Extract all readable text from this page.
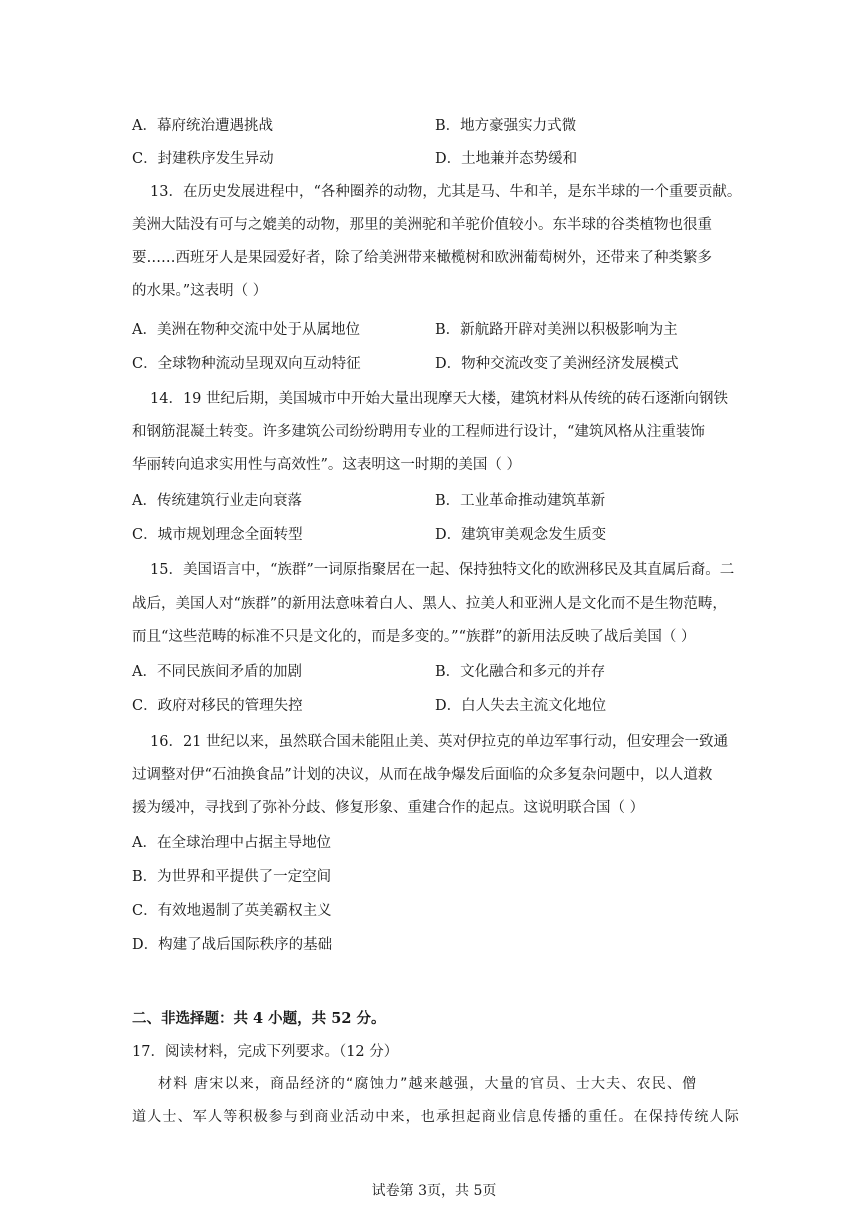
A．幕府统治遭遇挑战	B．地方豪强实力式微
C．封建秩序发生异动	D．土地兼并态势缓和
13．在历史发展进程中，“各种圈养的动物，尤其是马、牛和羊，是东半球的一个重要贡献。
美洲大陆没有可与之媲美的动物，那里的美洲驼和羊驼价值较小。东半球的谷类植物也很重
要……西班牙人是果园爱好者，除了给美洲带来橄榄树和欧洲葡萄树外，还带来了种类繁多
的水果。”这表明（ ）
A．美洲在物种交流中处于从属地位	B．新航路开辟对美洲以积极影响为主
C．全球物种流动呈现双向互动特征	D．物种交流改变了美洲经济发展模式
14．19 世纪后期，美国城市中开始大量出现摩天大楼，建筑材料从传统的砖石逐渐向钢铁
和钢筋混凝土转变。许多建筑公司纷纷聘用专业的工程师进行设计，“建筑风格从注重装饰
华丽转向追求实用性与高效性”。这表明这一时期的美国（ ）
A．传统建筑行业走向衰落	B．工业革命推动建筑革新
C．城市规划理念全面转型	D．建筑审美观念发生质变
15．美国语言中，“族群”一词原指聚居在一起、保持独特文化的欧洲移民及其直属后裔。二
战后，美国人对“族群”的新用法意味着白人、黑人、拉美人和亚洲人是文化而不是生物范畴，
而且“这些范畴的标准不只是文化的，而是多变的。”“族群”的新用法反映了战后美国（ ）
A．不同民族间矛盾的加剧	B．文化融合和多元的并存
C．政府对移民的管理失控	D．白人失去主流文化地位
16．21 世纪以来，虽然联合国未能阻止美、英对伊拉克的单边军事行动，但安理会一致通
过调整对伊“石油换食品”计划的决议，从而在战争爆发后面临的众多复杂问题中，以人道救
援为缓冲，寻找到了弥补分歧、修复形象、重建合作的起点。这说明联合国（ ）
A．在全球治理中占据主导地位
B．为世界和平提供了一定空间
C．有效地遏制了英美霸权主义
D．构建了战后国际秩序的基础
二、非选择题：共 4 小题，共 52 分。
17．阅读材料，完成下列要求。（12 分）
材料 唐宋以来，商品经济的“腐蚀力”越来越强，大量的官员、士大夫、农民、僧
道人士、军人等积极参与到商业活动中来，也承担起商业信息传播的重任。在保持传统人际
试卷第 3页，共 5页
